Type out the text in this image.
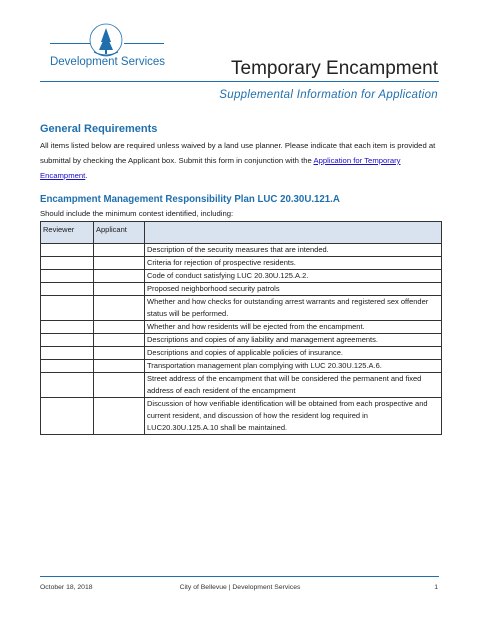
Development Services	Temporary Encampment
Supplemental Information for Application
General Requirements
All items listed below are required unless waived by a land use planner. Please indicate that each item is provided at submittal by checking the Applicant box. Submit this form in conjunction with the Application for Temporary Encampment.
Encampment Management Responsibility Plan LUC 20.30U.121.A
Should include the minimum contest identified, including:
Reviewer	Applicant	
		Description of the security measures that are intended.
		Criteria for rejection of prospective residents.
		Code of conduct satisfying LUC 20.30U.125.A.2.
		Proposed neighborhood security patrols
		Whether and how checks for outstanding arrest warrants and registered sex offender status will be performed.
		Whether and how residents will be ejected from the encampment.
		Descriptions and copies of any liability and management agreements.
		Descriptions and copies of applicable policies of insurance.
		Transportation management plan complying with LUC 20.30U.125.A.6.
		Street address of the encampment that will be considered the permanent and fixed address of each resident of the encampment
		Discussion of how verifiable identification will be obtained from each prospective and current resident, and discussion of how the resident log required in LUC20.30U.125.A.10 shall be maintained.
October 18, 2018	City of Bellevue | Development Services	1
